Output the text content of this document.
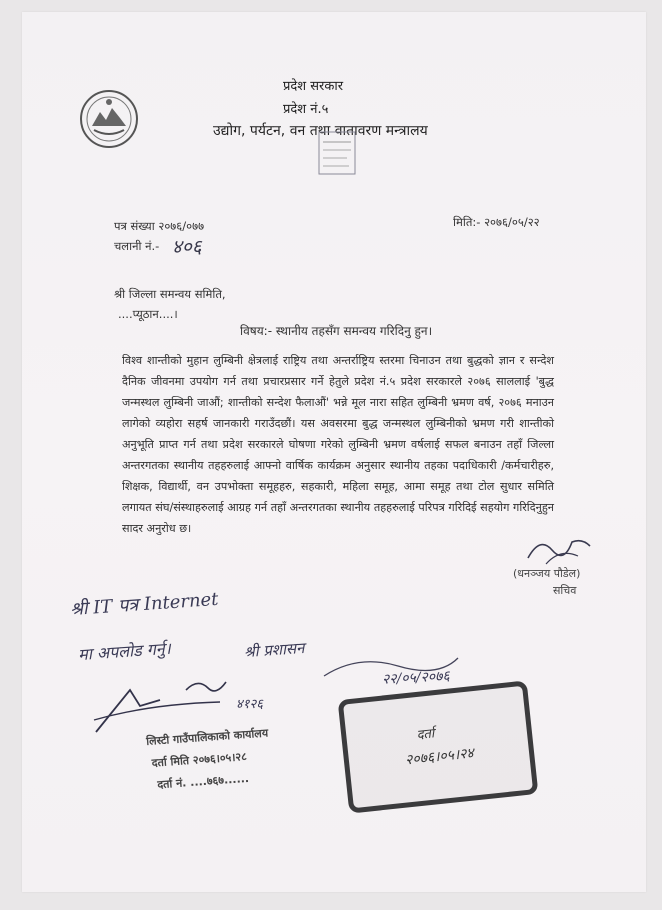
प्रदेश सरकार
प्रदेश नं.५
उद्योग, पर्यटन, वन तथा वातावरण मन्त्रालय
पत्र संख्या २०७६/०७७	मिति:- २०७६/०५/२२
चलानी नं.- ४०६
श्री जिल्ला समन्वय समिति,
....प्यूठान....।
विषय:- स्थानीय तहसँग समन्वय गरिदिनु हुन।
विश्व शान्तीको मुहान लुम्बिनी क्षेत्रलाई राष्ट्रिय तथा अन्तर्राष्ट्रिय स्तरमा चिनाउन तथा बुद्धको ज्ञान र सन्देश दैनिक जीवनमा उपयोग गर्न तथा प्रचारप्रसार गर्ने हेतुले प्रदेश नं.५ प्रदेश सरकारले २०७६ साललाई 'बुद्ध जन्मस्थल लुम्बिनी जाऔं; शान्तीको सन्देश फैलाऔं' भन्ने मूल नारा सहित लुम्बिनी भ्रमण वर्ष, २०७६ मनाउन लागेको व्यहोरा सहर्ष जानकारी गराउँदछौं। यस अवसरमा बुद्ध जन्मस्थल लुम्बिनीको भ्रमण गरी शान्तीको अनुभूति प्राप्त गर्न तथा प्रदेश सरकारले घोषणा गरेको लुम्बिनी भ्रमण वर्षलाई सफल बनाउन तहाँ जिल्ला अन्तरगतका स्थानीय तहहरुलाई आफ्नो वार्षिक कार्यक्रम अनुसार स्थानीय तहका पदाधिकारी /कर्मचारीहरु, शिक्षक, विद्यार्थी, वन उपभोक्ता समूहहरु, सहकारी, महिला समूह, आमा समूह तथा टोल सुधार समिति लगायत संघ/संस्थाहरुलाई आग्रह गर्न तहाँ अन्तरगतका स्थानीय तहहरुलाई परिपत्र गरिदिई सहयोग गरिदिनुहुन सादर अनुरोध छ।
(धनञ्जय पौडेल)
सचिव
श्री IT पत्र Internet
मा अपलोड गर्नु।	श्री प्रशासन
२२/०५/२०७६
४१२६
लिस्टी गाउँपालिकाको कार्यालय
दर्ता मिति २०७६।०५।२८
दर्ता नं. ....७६७......
दर्ता
२०७६।०५।२४
